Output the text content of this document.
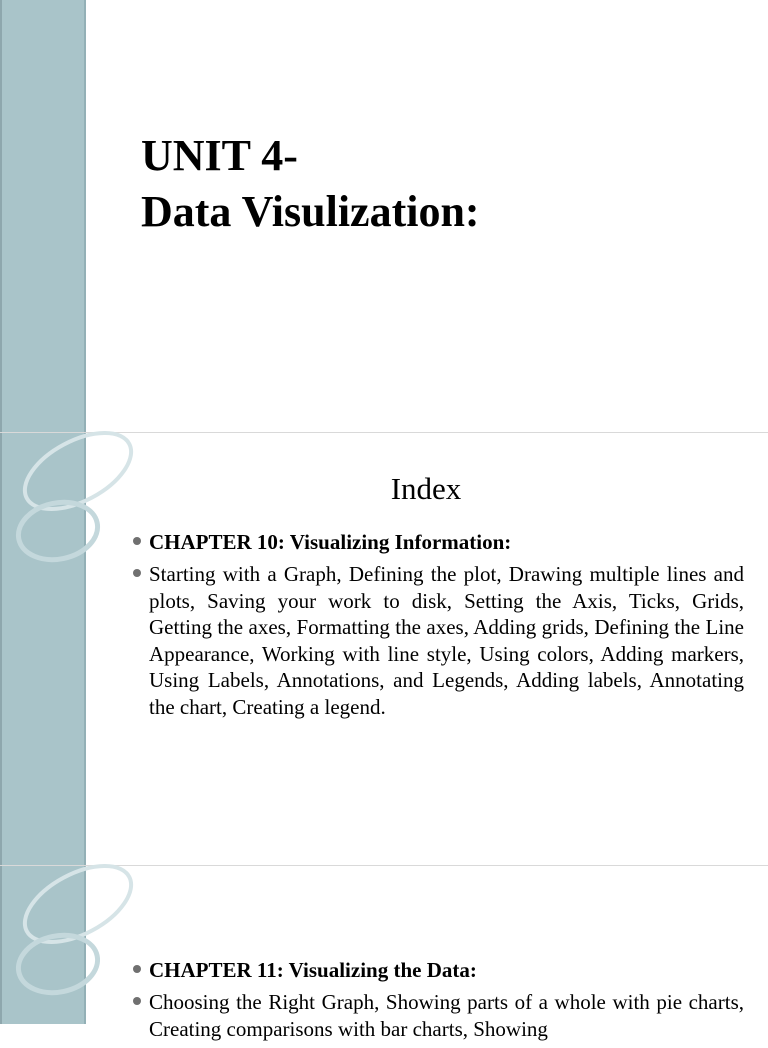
UNIT 4-
Data Visulization:
Index
CHAPTER 10: Visualizing Information:
Starting with a Graph, Defining the plot, Drawing multiple lines and plots, Saving your work to disk, Setting the Axis, Ticks, Grids, Getting the axes, Formatting the axes, Adding grids, Defining the Line Appearance, Working with line style, Using colors, Adding markers, Using Labels, Annotations, and Legends, Adding labels, Annotating the chart, Creating a legend.
CHAPTER 11: Visualizing the Data:
Choosing the Right Graph, Showing parts of a whole with pie charts, Creating comparisons with bar charts, Showing
